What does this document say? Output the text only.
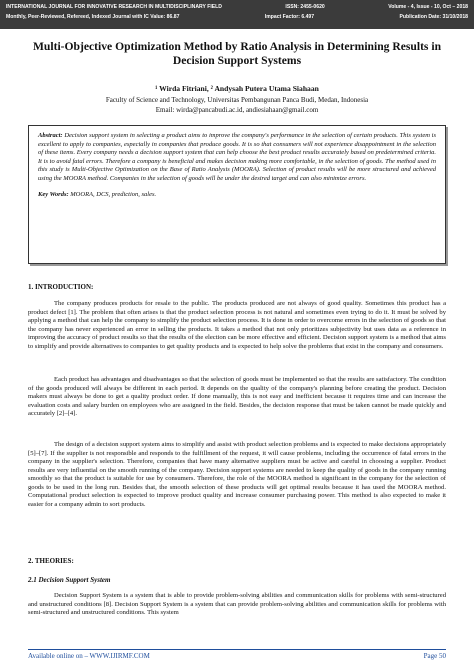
INTERNATIONAL JOURNAL FOR INNOVATIVE RESEARCH IN MULTIDISCIPLINARY FIELD	ISSN: 2455-0620	Volume - 4, Issue - 10, Oct – 2018
Monthly, Peer-Reviewed, Refereed, Indexed Journal with IC Value: 86.87	Impact Factor: 6.497	Publication Date: 31/10/2018
Multi-Objective Optimization Method by Ratio Analysis in Determining Results in Decision Support Systems
¹ Wirda Fitriani, ² Andysah Putera Utama Siahaan
Faculty of Science and Technology, Universitas Pembangunan Panca Budi, Medan, Indonesia
Email: wirda@pancabudi.ac.id, andiesiahaan@gmail.com

Abstract: Decision support system in selecting a product aims to improve the company's performance in the selection of certain products. This system is excellent to apply to companies, especially in companies that produce goods. It is so that consumers will not experience disappointment in the selection of these items. Every company needs a decision support system that can help choose the best product results accurately based on predetermined criteria. It is to avoid fatal errors. Therefore a company is beneficial and makes decision making more comfortable, in the selection of goods. The method used in this study is Multi-Objective Optimization on the Base of Ratio Analysis (MOORA). Selection of product results will be more structured and achieved using the MOORA method. Companies in the selection of goods will be under the desired target and can also minimize errors.

Key Words: MOORA, DCS, prediction, sales.

1. INTRODUCTION:

The company produces products for resale to the public. The products produced are not always of good quality. Sometimes this product has a product defect [1]. The problem that often arises is that the product selection process is not natural and sometimes even trying to do it. It must be solved by applying a method that can help the company to simplify the product selection process. It is done in order to overcome errors in the selection of goods so that the company has never experienced an error in selling the products. It takes a method that not only prioritizes subjectivity but uses data as a reference in improving the accuracy of product results so that the results of the election can be more effective and efficient. Decision support system is a method that aims to simplify and provide alternatives to companies to get quality products and is expected to help solve the problems that exist in the company and consumers.

Each product has advantages and disadvantages so that the selection of goods must be implemented so that the results are satisfactory. The condition of the goods produced will always be different in each period. It depends on the quality of the company's planning before creating the product. Decision makers must always be done to get a quality product order. If done manually, this is not easy and inefficient because it requires time and can increase the evaluation costs and salary burden on employees who are assigned in the field. Besides, the decision response that must be taken cannot be made quickly and accurately [2]–[4].

The design of a decision support system aims to simplify and assist with product selection problems and is expected to make decisions appropriately [5]–[7]. If the supplier is not responsible and responds to the fulfillment of the request, it will cause problems, including the occurrence of fatal errors in the company in the supplier's selection. Therefore, companies that have many alternative suppliers must be active and careful in choosing a supplier. Product results are very influential on the smooth running of the company. Decision support systems are needed to keep the quality of goods in the company running smoothly so that the product is suitable for use by consumers. Therefore, the role of the MOORA method is significant in the company for the selection of goods to be used in the long run. Besides that, the smooth selection of these products will get optimal results because it has used the MOORA method. Computational product selection is expected to improve product quality and increase consumer purchasing power. This method is also expected to make it easier for a company admin to sort products.

2. THEORIES:
2.1 Decision Support System

Decision Support System is a system that is able to provide problem-solving abilities and communication skills for problems with semi-structured and unstructured conditions [8]. Decision Support System is a system that can provide problem-solving abilities and communication skills for problems with semi-structured and unstructured conditions. This system

Available online on – WWW.IJIRMF.COM	Page 50
